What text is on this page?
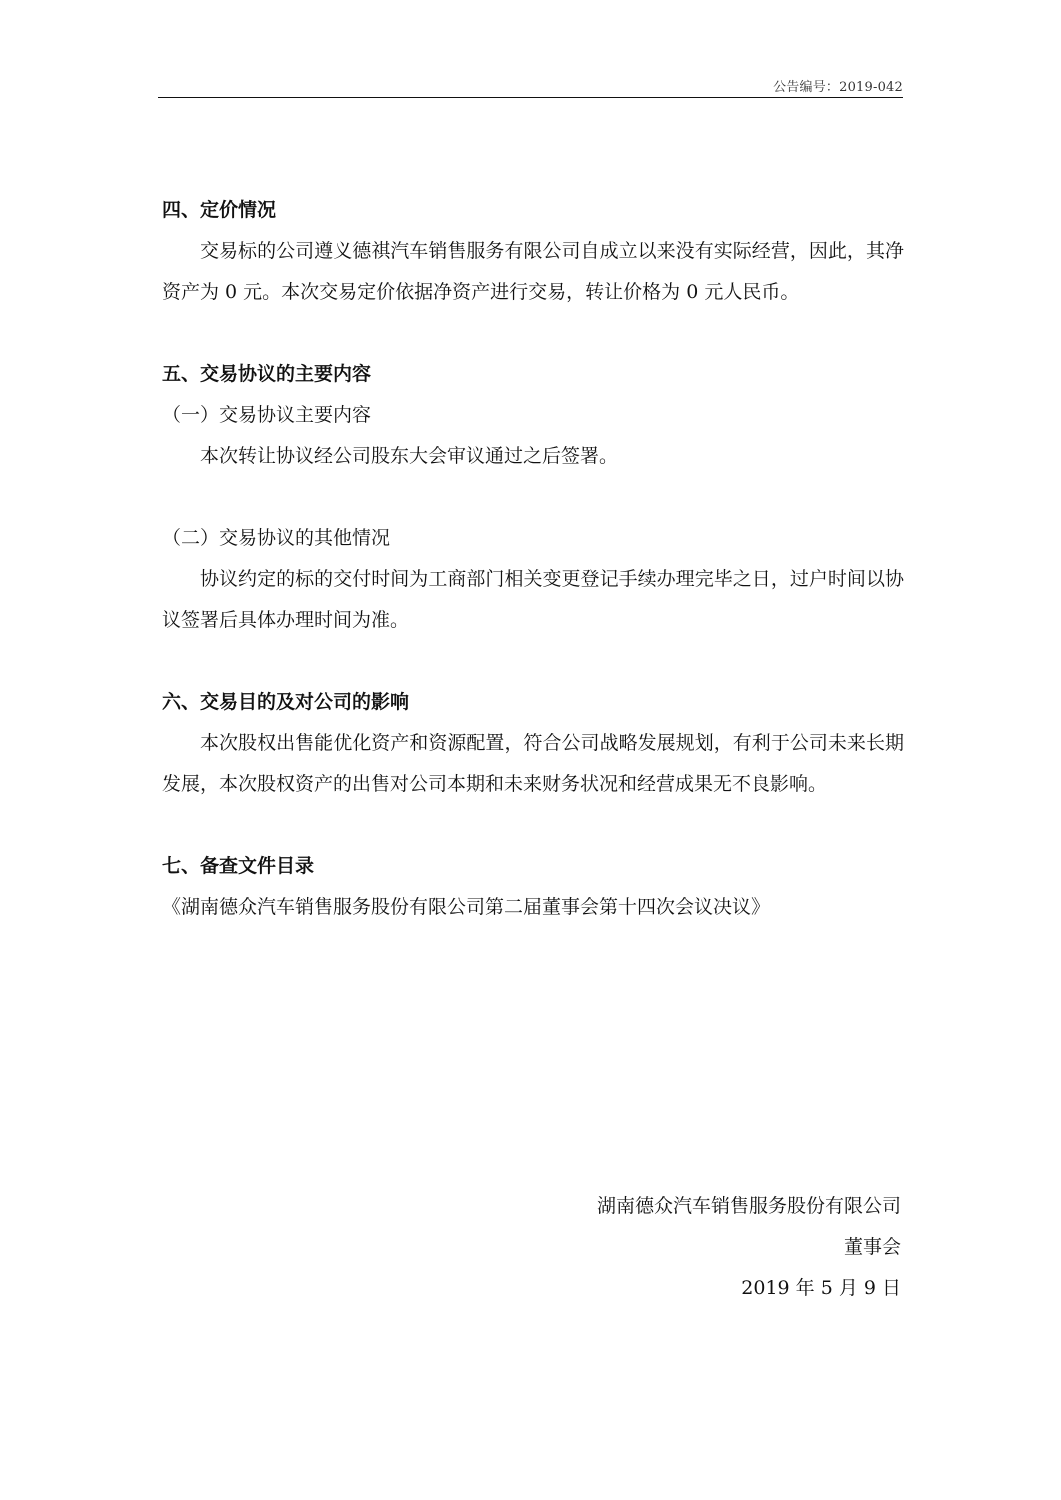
公告编号：2019-042

四、定价情况

交易标的公司遵义德祺汽车销售服务有限公司自成立以来没有实际经营，因此，其净资产为 0 元。本次交易定价依据净资产进行交易，转让价格为 0 元人民币。

五、交易协议的主要内容

（一）交易协议主要内容

本次转让协议经公司股东大会审议通过之后签署。

（二）交易协议的其他情况

协议约定的标的交付时间为工商部门相关变更登记手续办理完毕之日，过户时间以协议签署后具体办理时间为准。

六、交易目的及对公司的影响

本次股权出售能优化资产和资源配置，符合公司战略发展规划，有利于公司未来长期发展，本次股权资产的出售对公司本期和未来财务状况和经营成果无不良影响。

七、备查文件目录

《湖南德众汽车销售服务股份有限公司第二届董事会第十四次会议决议》

湖南德众汽车销售服务股份有限公司
董事会
2019 年 5 月 9 日
